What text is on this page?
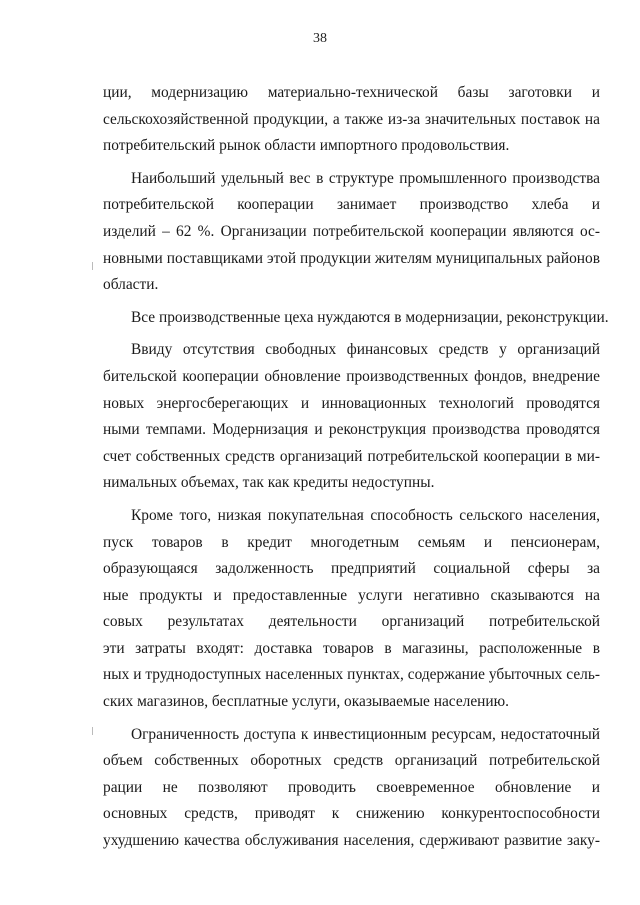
38
ции, модернизацию материально-технической базы заготовки и
сельскохозяйственной продукции, а также из-за значительных поставок на
потребительский рынок области импортного продовольствия.
Наибольший удельный вес в структуре промышленного производства
потребительской кооперации занимает производство хлеба и
изделий – 62 %. Организации потребительской кооперации являются ос-
новными поставщиками этой продукции жителям муниципальных районов
области.
Все производственные цеха нуждаются в модернизации, реконструкции.
Ввиду отсутствия свободных финансовых средств у организаций
бительской кооперации обновление производственных фондов, внедрение
новых энергосберегающих и инновационных технологий проводятся
ными темпами. Модернизация и реконструкция производства проводятся
счет собственных средств организаций потребительской кооперации в ми-
нимальных объемах, так как кредиты недоступны.
Кроме того, низкая покупательная способность сельского населения,
пуск товаров в кредит многодетным семьям и пенсионерам,
образующаяся задолженность предприятий социальной сферы за
ные продукты и предоставленные услуги негативно сказываются на
совых результатах деятельности организаций потребительской
эти затраты входят: доставка товаров в магазины, расположенные в
ных и труднодоступных населенных пунктах, содержание убыточных сель-
ских магазинов, бесплатные услуги, оказываемые населению.
Ограниченность доступа к инвестиционным ресурсам, недостаточный
объем собственных оборотных средств организаций потребительской
рации не позволяют проводить своевременное обновление и
основных средств, приводят к снижению конкурентоспособности
ухудшению качества обслуживания населения, сдерживают развитие заку-
